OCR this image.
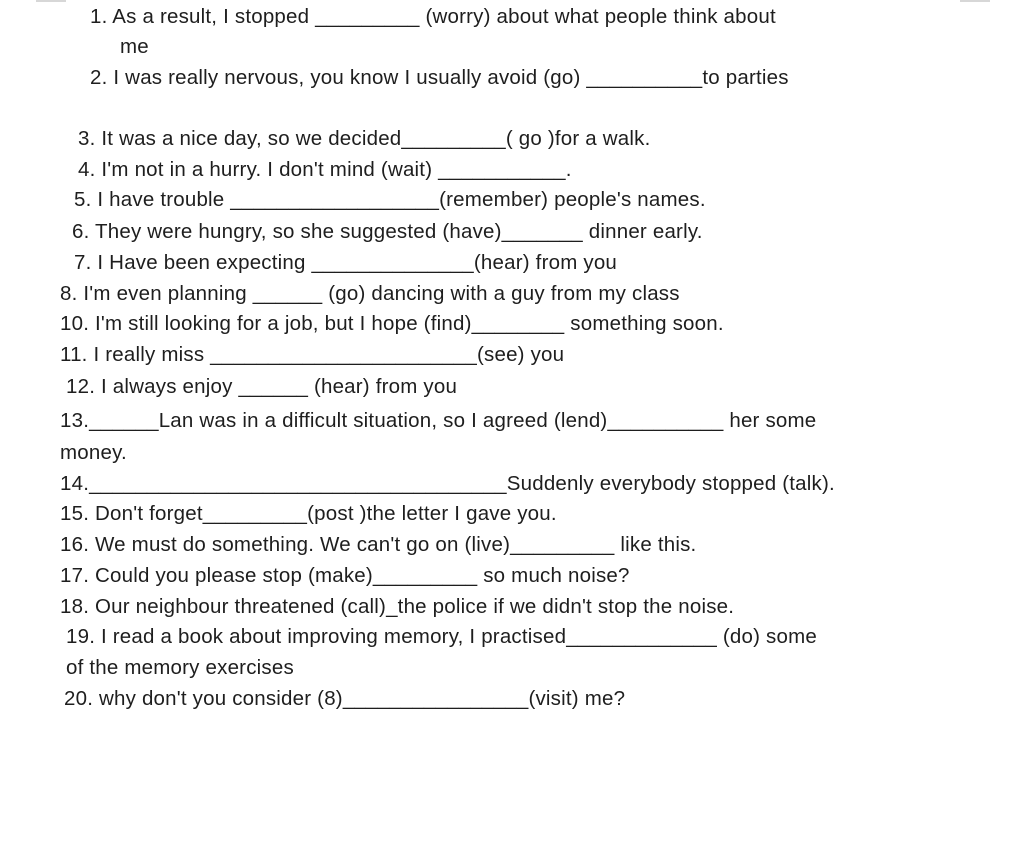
1. As a result, I stopped _________ (worry) about what people think about
me
2. I was really nervous, you know I usually avoid (go) __________to parties
3. It was a nice day, so we decided_________( go )for a walk.
4. I'm not in a hurry. I don't mind (wait) ___________.
5. I have trouble __________________(remember) people's names.
6. They were hungry, so she suggested (have)_______ dinner early.
7. I Have been expecting ______________(hear) from you
8. I'm even planning ______ (go) dancing with a guy from my class
10. I'm still looking for a job, but I hope (find)________ something soon.
11. I really miss _______________________(see) you
12. I always enjoy ______ (hear) from you
13.______Lan was in a difficult situation, so I agreed (lend)__________ her some
money.
14.____________________________________Suddenly everybody stopped (talk).
15. Don't forget_________(post )the letter I gave you.
16. We must do something. We can't go on (live)_________ like this.
17. Could you please stop (make)_________ so much noise?
18. Our neighbour threatened (call)_the police if we didn't stop the noise.
19. I read a book about improving memory, I practised_____________ (do) some
of the memory exercises
20. why don't you consider (8)________________(visit) me?
